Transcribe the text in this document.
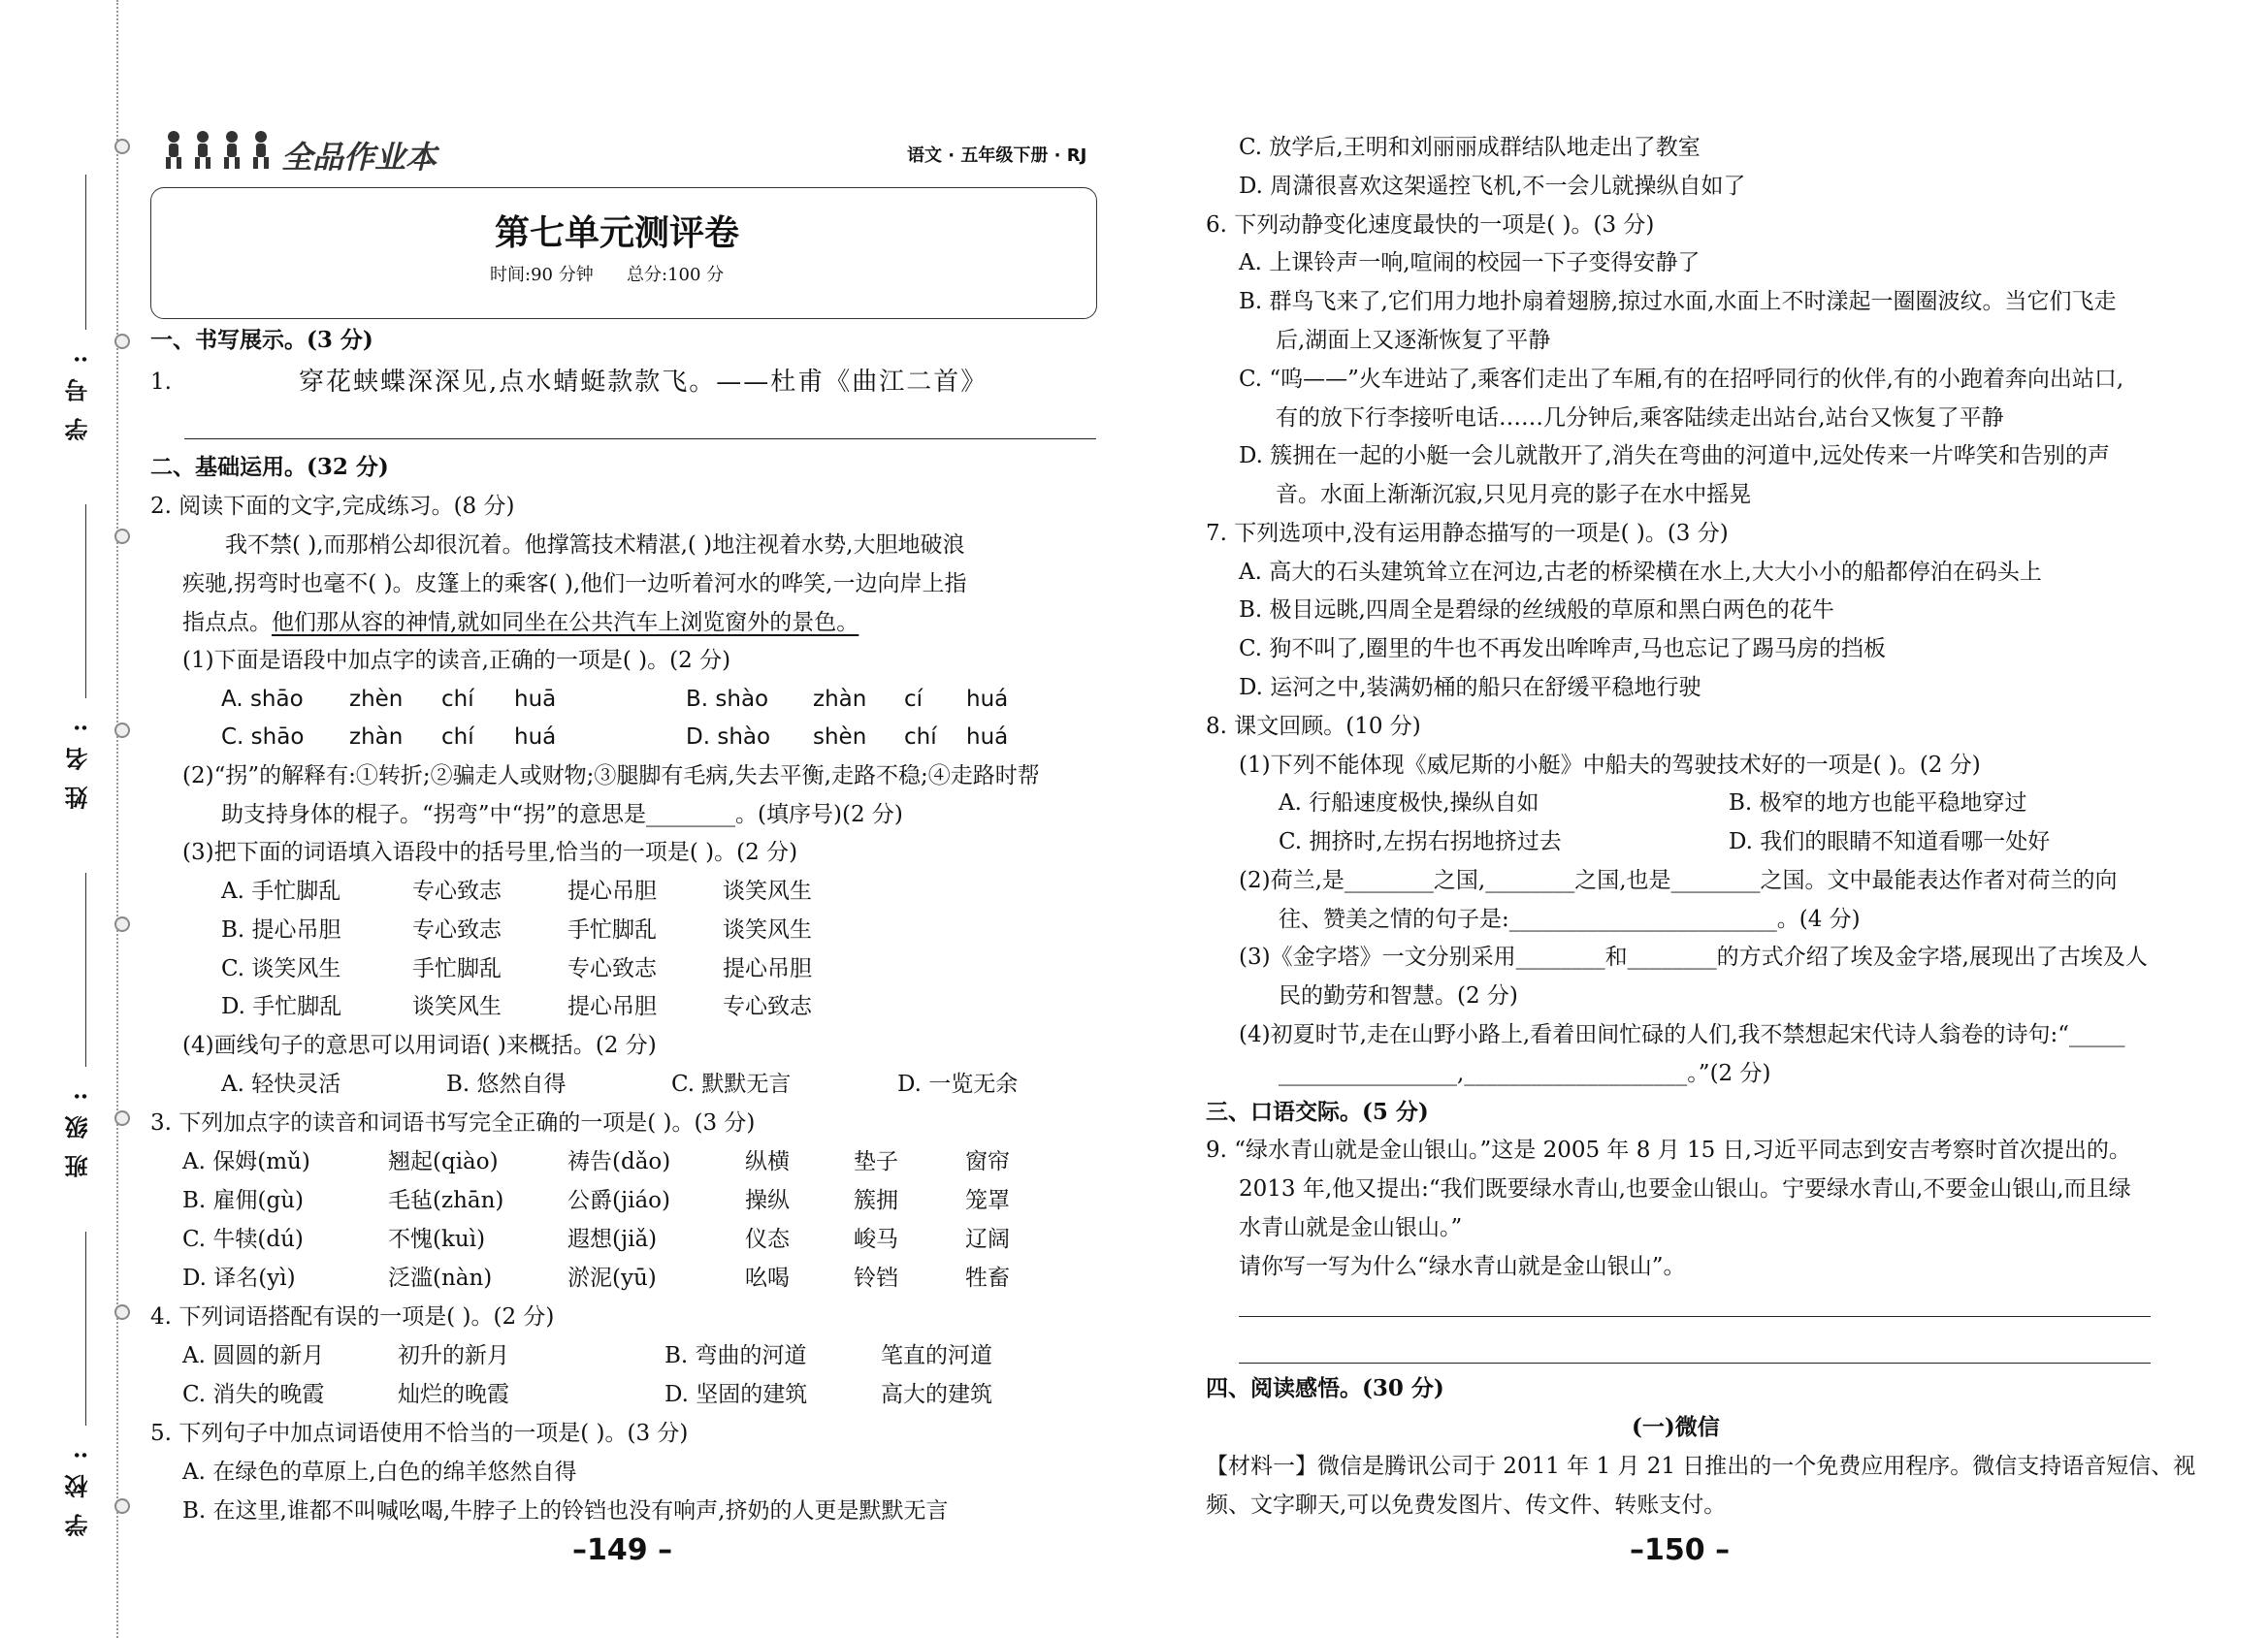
学号:
姓名:
班级:
学校:
全品作业本	语文 · 五年级下册 · RJ
第七单元测评卷
时间:90 分钟      总分:100 分
一、书写展示。(3 分)
1.	穿花蛱蝶深深见,点水蜻蜓款款飞。——杜甫《曲江二首》
二、基础运用。(32 分)
2. 阅读下面的文字,完成练习。(8 分)
我不禁( ),而那梢公却很沉着。他撑篙技术精湛,( )地注视着水势,大胆地破浪
疾驰,拐弯时也毫不( )。皮篷上的乘客( ),他们一边听着河水的哗笑,一边向岸上指
指点点。他们那从容的神情,就如同坐在公共汽车上浏览窗外的景色。
(1)下面是语段中加点字的读音,正确的一项是( )。(2 分)
A. shāo zhèn chí huā	B. shào zhàn cí huá
C. shāo zhàn chí huá	D. shào shèn chí huá
(2)“拐”的解释有:①转折;②骗走人或财物;③腿脚有毛病,失去平衡,走路不稳;④走路时帮
助支持身体的棍子。“拐弯”中“拐”的意思是________。(填序号)(2 分)
(3)把下面的词语填入语段中的括号里,恰当的一项是( )。(2 分)
A. 手忙脚乱	专心致志	提心吊胆	谈笑风生
B. 提心吊胆	专心致志	手忙脚乱	谈笑风生
C. 谈笑风生	手忙脚乱	专心致志	提心吊胆
D. 手忙脚乱	谈笑风生	提心吊胆	专心致志
(4)画线句子的意思可以用词语( )来概括。(2 分)
A. 轻快灵活	B. 悠然自得	C. 默默无言	D. 一览无余
3. 下列加点字的读音和词语书写完全正确的一项是( )。(3 分)
A. 保姆(mǔ)	翘起(qiào)	祷告(dǎo)	纵横	垫子	窗帘
B. 雇佣(gù)	毛毡(zhān)	公爵(jiáo)	操纵	簇拥	笼罩
C. 牛犊(dú)	不愧(kuì)	遐想(jiǎ)	仪态	峻马	辽阔
D. 译名(yì)	泛滥(nàn)	淤泥(yū)	吆喝	铃铛	牲畜
4. 下列词语搭配有误的一项是( )。(2 分)
A. 圆圆的新月	初升的新月	B. 弯曲的河道	笔直的河道
C. 消失的晚霞	灿烂的晚霞	D. 坚固的建筑	高大的建筑
5. 下列句子中加点词语使用不恰当的一项是( )。(3 分)
A. 在绿色的草原上,白色的绵羊悠然自得
B. 在这里,谁都不叫喊吆喝,牛脖子上的铃铛也没有响声,挤奶的人更是默默无言
–149 –
C. 放学后,王明和刘丽丽成群结队地走出了教室
D. 周潇很喜欢这架遥控飞机,不一会儿就操纵自如了
6. 下列动静变化速度最快的一项是( )。(3 分)
A. 上课铃声一响,喧闹的校园一下子变得安静了
B. 群鸟飞来了,它们用力地扑扇着翅膀,掠过水面,水面上不时漾起一圈圈波纹。当它们飞走
后,湖面上又逐渐恢复了平静
C. “呜——”火车进站了,乘客们走出了车厢,有的在招呼同行的伙伴,有的小跑着奔向出站口,
有的放下行李接听电话……几分钟后,乘客陆续走出站台,站台又恢复了平静
D. 簇拥在一起的小艇一会儿就散开了,消失在弯曲的河道中,远处传来一片哗笑和告别的声
音。水面上渐渐沉寂,只见月亮的影子在水中摇晃
7. 下列选项中,没有运用静态描写的一项是( )。(3 分)
A. 高大的石头建筑耸立在河边,古老的桥梁横在水上,大大小小的船都停泊在码头上
B. 极目远眺,四周全是碧绿的丝绒般的草原和黑白两色的花牛
C. 狗不叫了,圈里的牛也不再发出哞哞声,马也忘记了踢马房的挡板
D. 运河之中,装满奶桶的船只在舒缓平稳地行驶
8. 课文回顾。(10 分)
(1)下列不能体现《威尼斯的小艇》中船夫的驾驶技术好的一项是( )。(2 分)
A. 行船速度极快,操纵自如	B. 极窄的地方也能平稳地穿过
C. 拥挤时,左拐右拐地挤过去	D. 我们的眼睛不知道看哪一处好
(2)荷兰,是________之国,________之国,也是________之国。文中最能表达作者对荷兰的向
往、赞美之情的句子是:________________________。(4 分)
(3)《金字塔》一文分别采用________和________的方式介绍了埃及金字塔,展现出了古埃及人
民的勤劳和智慧。(2 分)
(4)初夏时节,走在山野小路上,看着田间忙碌的人们,我不禁想起宋代诗人翁卷的诗句:“_____
________________,____________________。”(2 分)
三、口语交际。(5 分)
9. “绿水青山就是金山银山。”这是 2005 年 8 月 15 日,习近平同志到安吉考察时首次提出的。
2013 年,他又提出:“我们既要绿水青山,也要金山银山。宁要绿水青山,不要金山银山,而且绿
水青山就是金山银山。”
请你写一写为什么“绿水青山就是金山银山”。
四、阅读感悟。(30 分)
(一)微信
【材料一】微信是腾讯公司于 2011 年 1 月 21 日推出的一个免费应用程序。微信支持语音短信、视
频、文字聊天,可以免费发图片、传文件、转账支付。
–150 –
